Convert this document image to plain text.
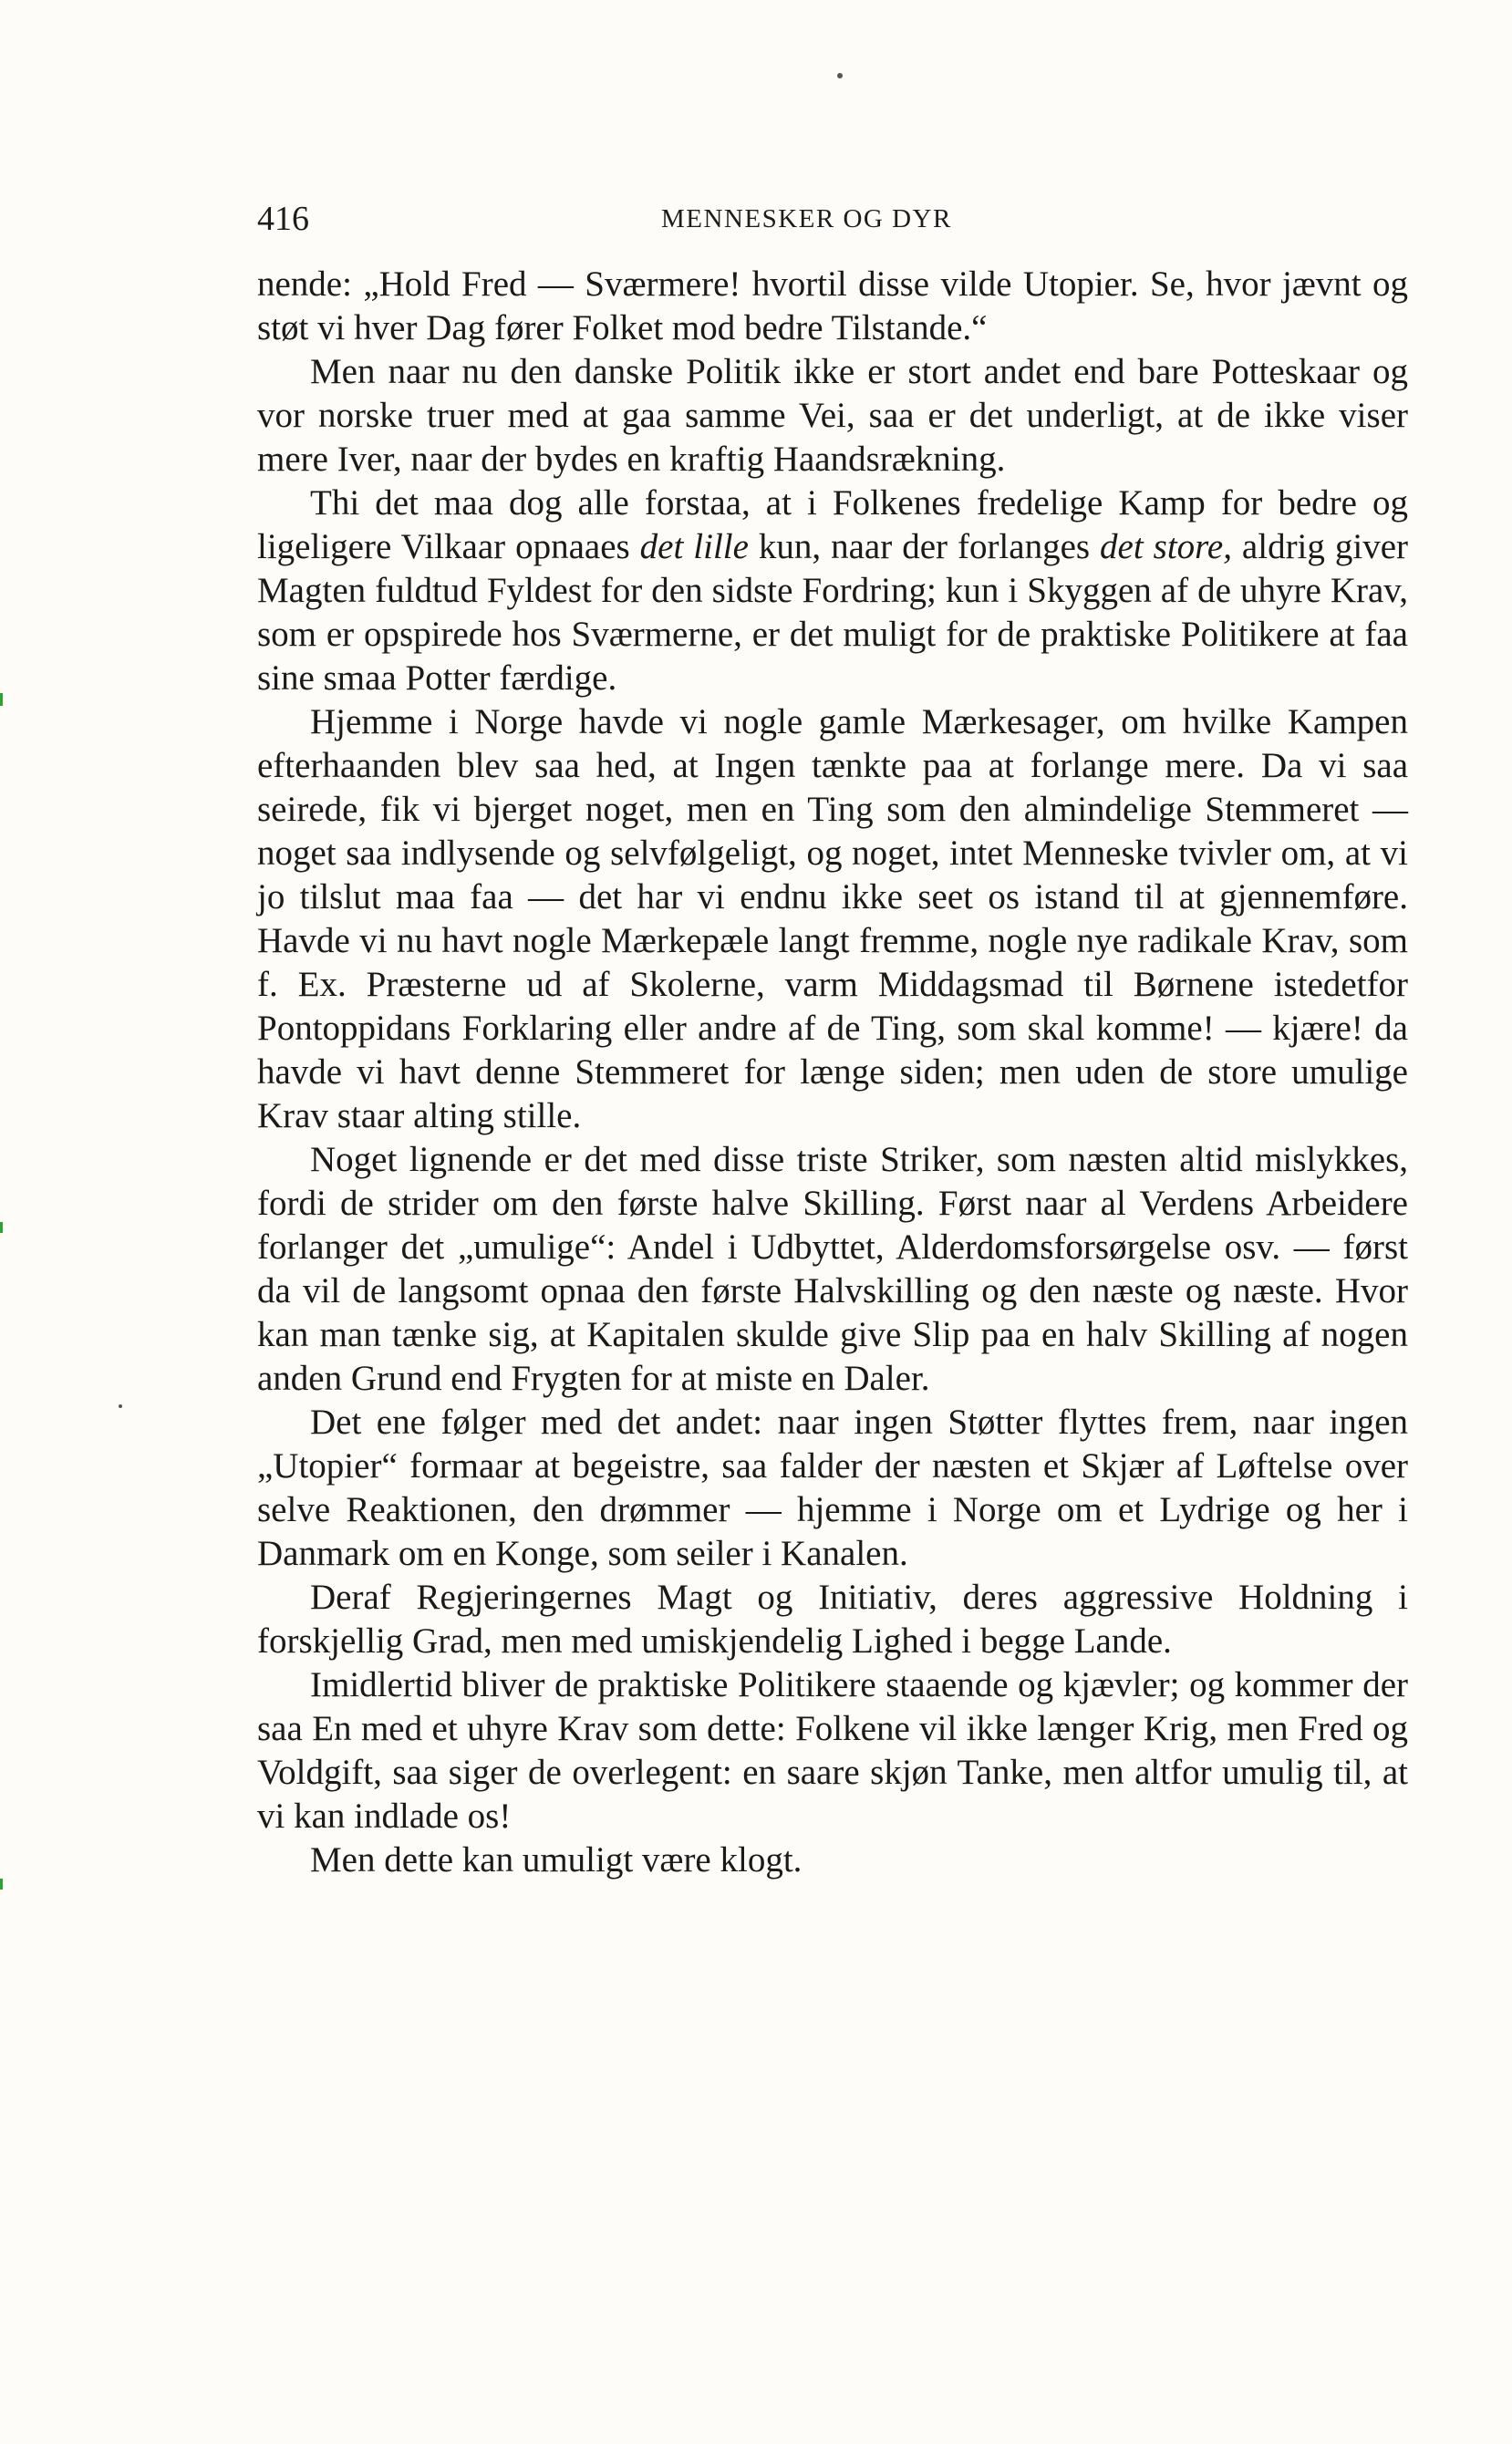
416	MENNESKER OG DYR

nende: „Hold Fred — Sværmere! hvortil disse vilde Utopier. Se, hvor jævnt og støt vi hver Dag fører Folket mod bedre Tilstande.“

Men naar nu den danske Politik ikke er stort andet end bare Potteskaar og vor norske truer med at gaa samme Vei, saa er det underligt, at de ikke viser mere Iver, naar der bydes en kraftig Haandsrækning.

Thi det maa dog alle forstaa, at i Folkenes fredelige Kamp for bedre og ligeligere Vilkaar opnaaes det lille kun, naar der forlanges det store, aldrig giver Magten fuldtud Fyldest for den sidste Fordring; kun i Skyggen af de uhyre Krav, som er opspirede hos Sværmerne, er det muligt for de praktiske Politikere at faa sine smaa Potter færdige.

Hjemme i Norge havde vi nogle gamle Mærkesager, om hvilke Kampen efterhaanden blev saa hed, at Ingen tænkte paa at forlange mere. Da vi saa seirede, fik vi bjerget noget, men en Ting som den almindelige Stemmeret — noget saa indlysende og selvfølgeligt, og noget, intet Menneske tvivler om, at vi jo tilslut maa faa — det har vi endnu ikke seet os istand til at gjennemføre. Havde vi nu havt nogle Mærkepæle langt fremme, nogle nye radikale Krav, som f. Ex. Præsterne ud af Skolerne, varm Middagsmad til Børnene istedetfor Pontoppidans Forklaring eller andre af de Ting, som skal komme! — kjære! da havde vi havt denne Stemmeret for længe siden; men uden de store umulige Krav staar alting stille.

Noget lignende er det med disse triste Striker, som næsten altid mislykkes, fordi de strider om den første halve Skilling. Først naar al Verdens Arbeidere forlanger det „umulige“: Andel i Udbyttet, Alderdomsforsørgelse osv. — først da vil de langsomt opnaa den første Halvskilling og den næste og næste. Hvor kan man tænke sig, at Kapitalen skulde give Slip paa en halv Skilling af nogen anden Grund end Frygten for at miste en Daler.

Det ene følger med det andet: naar ingen Støtter flyttes frem, naar ingen „Utopier“ formaar at begeistre, saa falder der næsten et Skjær af Løftelse over selve Reaktionen, den drømmer — hjemme i Norge om et Lydrige og her i Danmark om en Konge, som seiler i Kanalen.

Deraf Regjeringernes Magt og Initiativ, deres aggressive Holdning i forskjellig Grad, men med umiskjendelig Lighed i begge Lande.

Imidlertid bliver de praktiske Politikere staaende og kjævler; og kommer der saa En med et uhyre Krav som dette: Folkene vil ikke længer Krig, men Fred og Voldgift, saa siger de overlegent: en saare skjøn Tanke, men altfor umulig til, at vi kan indlade os!

Men dette kan umuligt være klogt.
